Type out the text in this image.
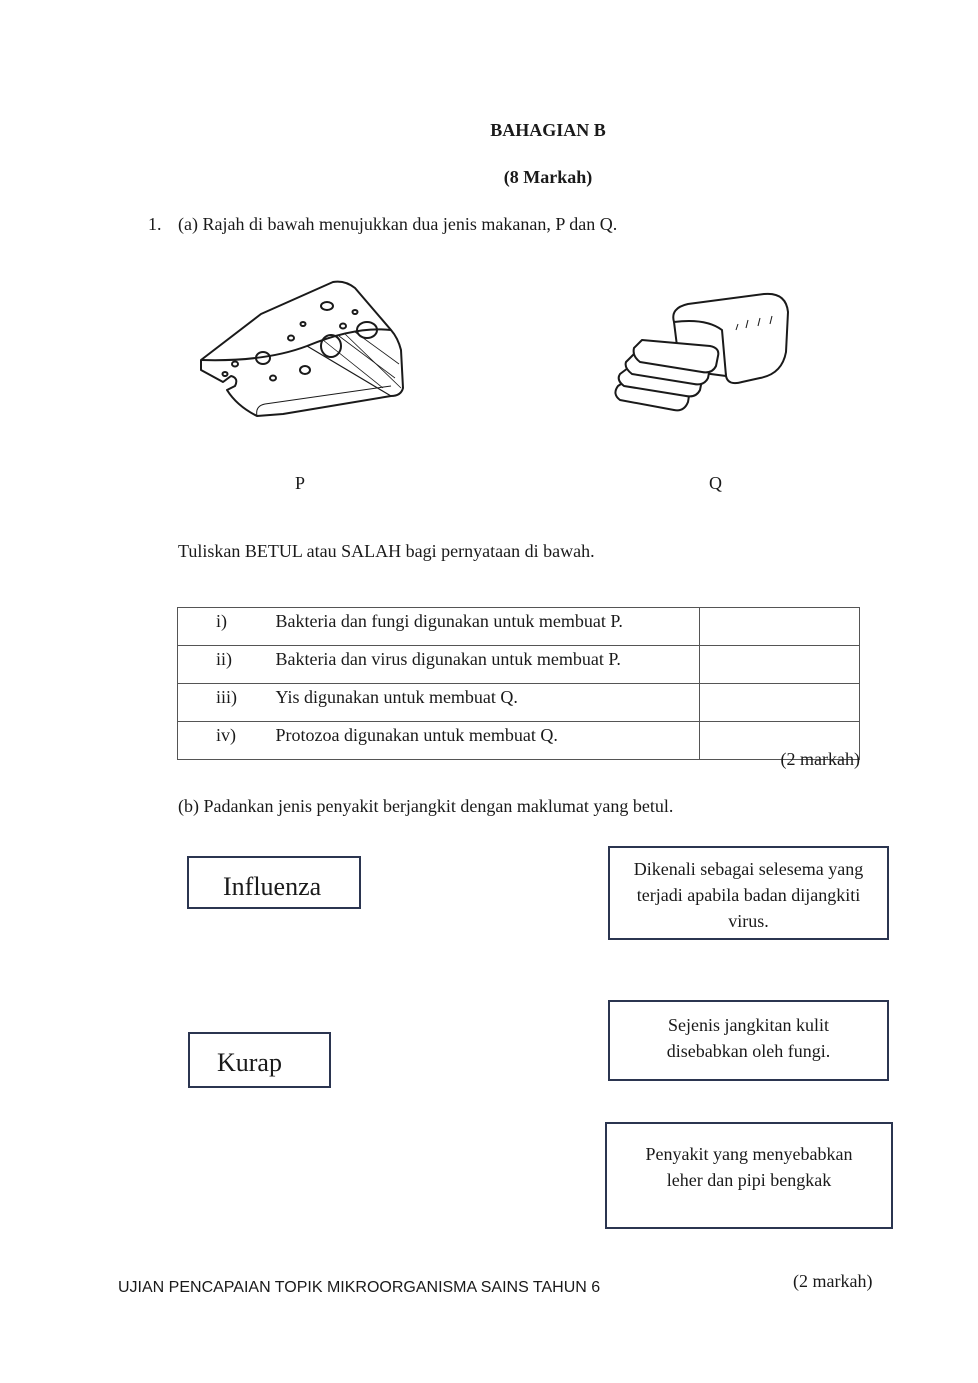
BAHAGIAN B
(8 Markah)
1. (a) Rajah di bawah menujukkan dua jenis makanan, P dan Q.
P	Q
Tuliskan BETUL atau SALAH bagi pernyataan di bawah.
i)	Bakteria dan fungi digunakan untuk membuat P.	
ii)	Bakteria dan virus digunakan untuk membuat P.	
iii)	Yis digunakan untuk membuat Q.	
iv)	Protozoa digunakan untuk membuat Q.	
(2 markah)
(b) Padankan jenis penyakit berjangkit dengan maklumat yang betul.
Influenza
Kurap
Dikenali sebagai selesema yang terjadi apabila badan dijangkiti virus.
Sejenis jangkitan kulit disebabkan oleh fungi.
Penyakit yang menyebabkan leher dan pipi bengkak
UJIAN PENCAPAIAN TOPIK MIKROORGANISMA SAINS TAHUN 6	(2 markah)
